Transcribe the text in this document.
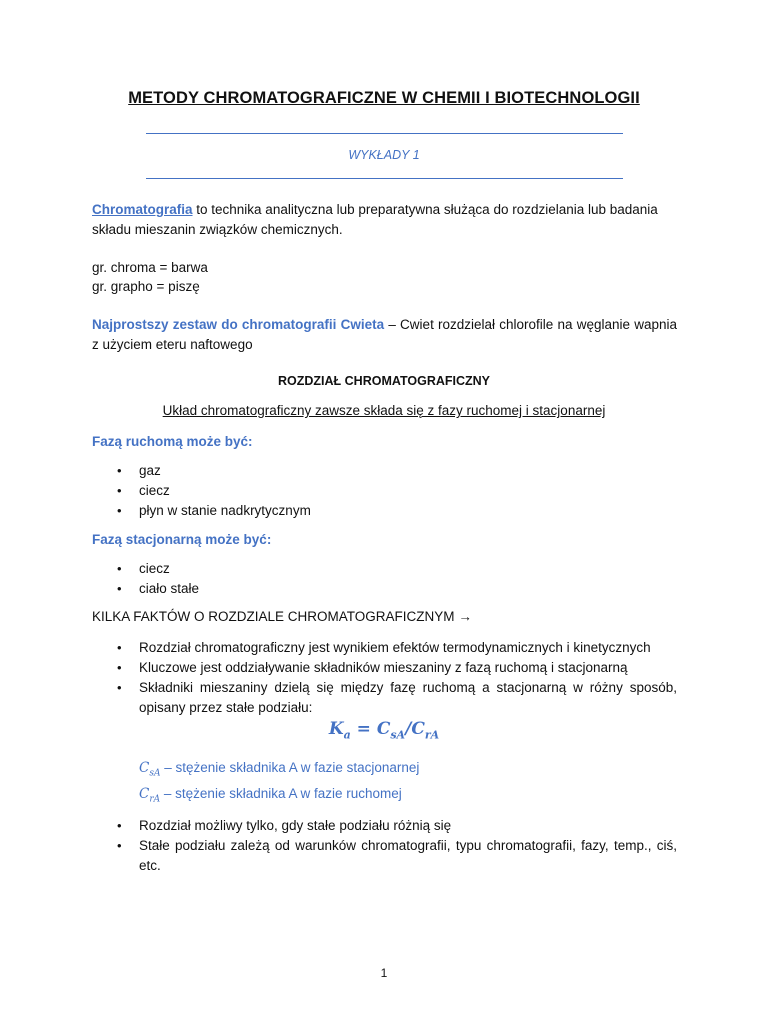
METODY CHROMATOGRAFICZNE W CHEMII I BIOTECHNOLOGII
WYKŁADY 1
Chromatografia to technika analityczna lub preparatywna służąca do rozdzielania lub badania składu mieszanin związków chemicznych.
gr. chroma = barwa
gr. grapho = piszę
Najprostszy zestaw do chromatografii Cwieta – Cwiet rozdzielał chlorofile na węglanie wapnia z użyciem eteru naftowego
ROZDZIAŁ CHROMATOGRAFICZNY
Układ chromatograficzny zawsze składa się z fazy ruchomej i stacjonarnej
Fazą ruchomą może być:
• gaz
• ciecz
• płyn w stanie nadkrytycznym
Fazą stacjonarną może być:
• ciecz
• ciało stałe
KILKA FAKTÓW O ROZDZIALE CHROMATOGRAFICZNYM →
• Rozdział chromatograficzny jest wynikiem efektów termodynamicznych i kinetycznych
• Kluczowe jest oddziaływanie składników mieszaniny z fazą ruchomą i stacjonarną
• Składniki mieszaniny dzielą się między fazę ruchomą a stacjonarną w różny sposób, opisany przez stałe podziału:
$K_a = C_{sA}/C_{rA}$
$C_{sA}$ – stężenie składnika A w fazie stacjonarnej
$C_{rA}$ – stężenie składnika A w fazie ruchomej
• Rozdział możliwy tylko, gdy stałe podziału różnią się
• Stałe podziału zależą od warunków chromatografii, typu chromatografii, fazy, temp., ciś, etc.
1
